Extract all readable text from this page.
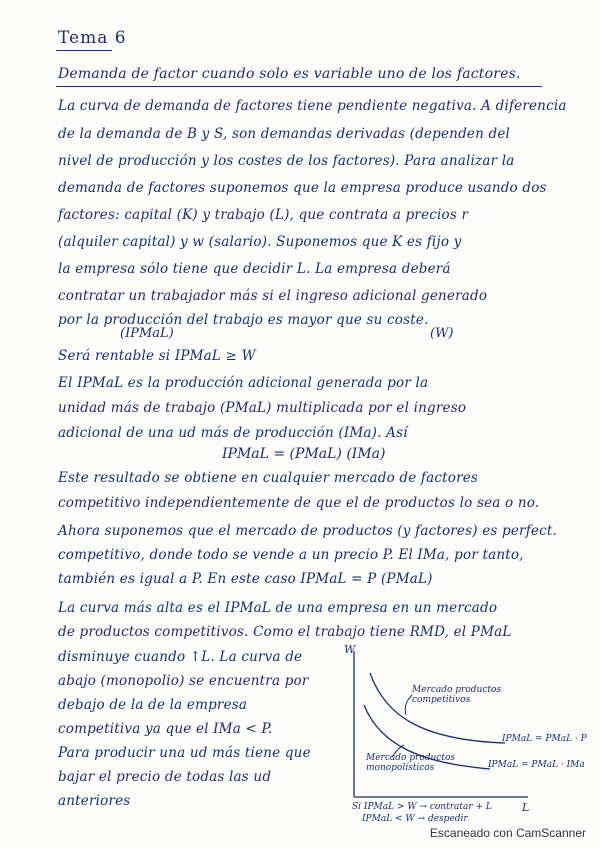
Tema 6
Demanda de factor cuando solo es variable uno de los factores.
La curva de demanda de factores tiene pendiente negativa. A diferencia
de la demanda de B y S, son demandas derivadas (dependen del
nivel de producción y los costes de los factores). Para analizar la
demanda de factores suponemos que la empresa produce usando dos
factores: capital (K) y trabajo (L), que contrata a precios r
(alquiler capital) y w (salario). Suponemos que K es fijo y
la empresa sólo tiene que decidir L. La empresa deberá
contratar un trabajador más si el ingreso adicional generado
por la producción del trabajo es mayor que su coste.
(IPMaL)	(W)
Será rentable si IPMaL ≥ W
El IPMaL es la producción adicional generada por la
unidad más de trabajo (PMaL) multiplicada por el ingreso
adicional de una ud más de producción (IMa). Así
IPMaL = (PMaL) (IMa)
Este resultado se obtiene en cualquier mercado de factores
competitivo independientemente de que el de productos lo sea o no.
Ahora suponemos que el mercado de productos (y factores) es perfect.
competitivo, donde todo se vende a un precio P. El IMa, por tanto,
también es igual a P. En este caso IPMaL = P (PMaL)
La curva más alta es el IPMaL de una empresa en un mercado
de productos competitivos. Como el trabajo tiene RMD, el PMaL
disminuye cuando ↑L. La curva de
abajo (monopolio) se encuentra por
debajo de la de la empresa
competitiva ya que el IMa < P.
Para producir una ud más tiene que
bajar el precio de todas las ud
anteriores
W
L
Mercado productos competitivos
Mercado productos monopolísticos
IPMaL = PMaL · P
IPMaL = PMaL · IMa
Si IPMaL > W → contratar + L
IPMaL < W → despedir
Escaneado con CamScanner
